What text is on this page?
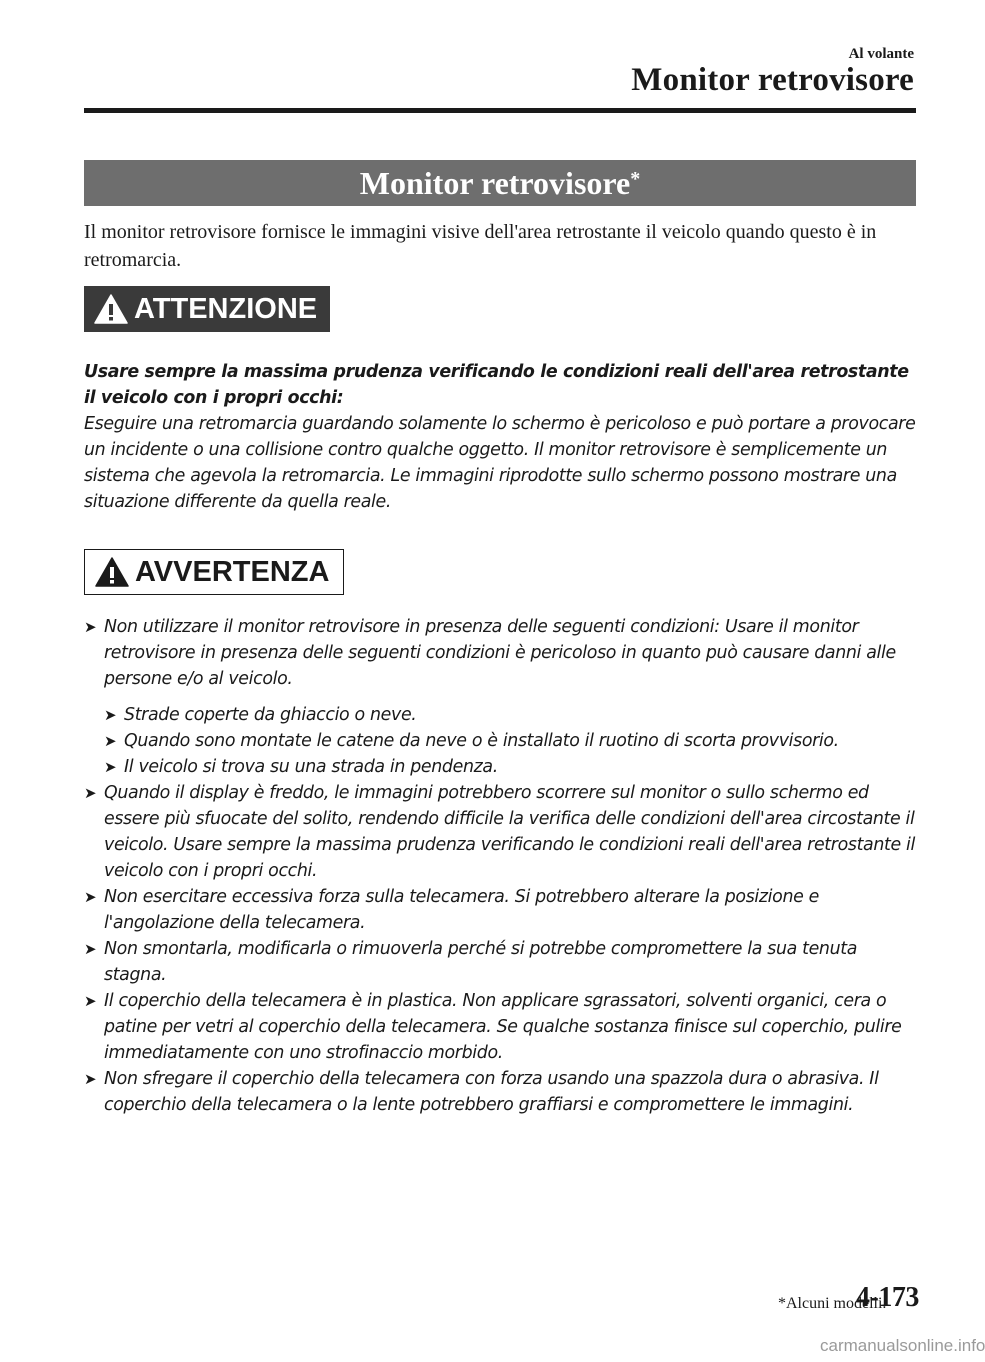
Al volante
Monitor retrovisore
Monitor retrovisore*

Il monitor retrovisore fornisce le immagini visive dell'area retrostante il veicolo quando questo è in retromarcia.

ATTENZIONE
Usare sempre la massima prudenza verificando le condizioni reali dell'area retrostante il veicolo con i propri occhi:
Eseguire una retromarcia guardando solamente lo schermo è pericoloso e può portare a provocare un incidente o una collisione contro qualche oggetto. Il monitor retrovisore è semplicemente un sistema che agevola la retromarcia. Le immagini riprodotte sullo schermo possono mostrare una situazione differente da quella reale.
AVVERTENZA
➤ Non utilizzare il monitor retrovisore in presenza delle seguenti condizioni: Usare il monitor retrovisore in presenza delle seguenti condizioni è pericoloso in quanto può causare danni alle persone e/o al veicolo.
➤ Strade coperte da ghiaccio o neve.
➤ Quando sono montate le catene da neve o è installato il ruotino di scorta provvisorio.
➤ Il veicolo si trova su una strada in pendenza.
➤ Quando il display è freddo, le immagini potrebbero scorrere sul monitor o sullo schermo ed essere più sfuocate del solito, rendendo difficile la verifica delle condizioni dell'area circostante il veicolo. Usare sempre la massima prudenza verificando le condizioni reali dell'area retrostante il veicolo con i propri occhi.
➤ Non esercitare eccessiva forza sulla telecamera. Si potrebbero alterare la posizione e l'angolazione della telecamera.
➤ Non smontarla, modificarla o rimuoverla perché si potrebbe compromettere la sua tenuta stagna.
➤ Il coperchio della telecamera è in plastica. Non applicare sgrassatori, solventi organici, cera o patine per vetri al coperchio della telecamera. Se qualche sostanza finisce sul coperchio, pulire immediatamente con uno strofinaccio morbido.
➤ Non sfregare il coperchio della telecamera con forza usando una spazzola dura o abrasiva. Il coperchio della telecamera o la lente potrebbero graffiarsi e compromettere le immagini.
*Alcuni modelli.
4-173
carmanualsonline.info
